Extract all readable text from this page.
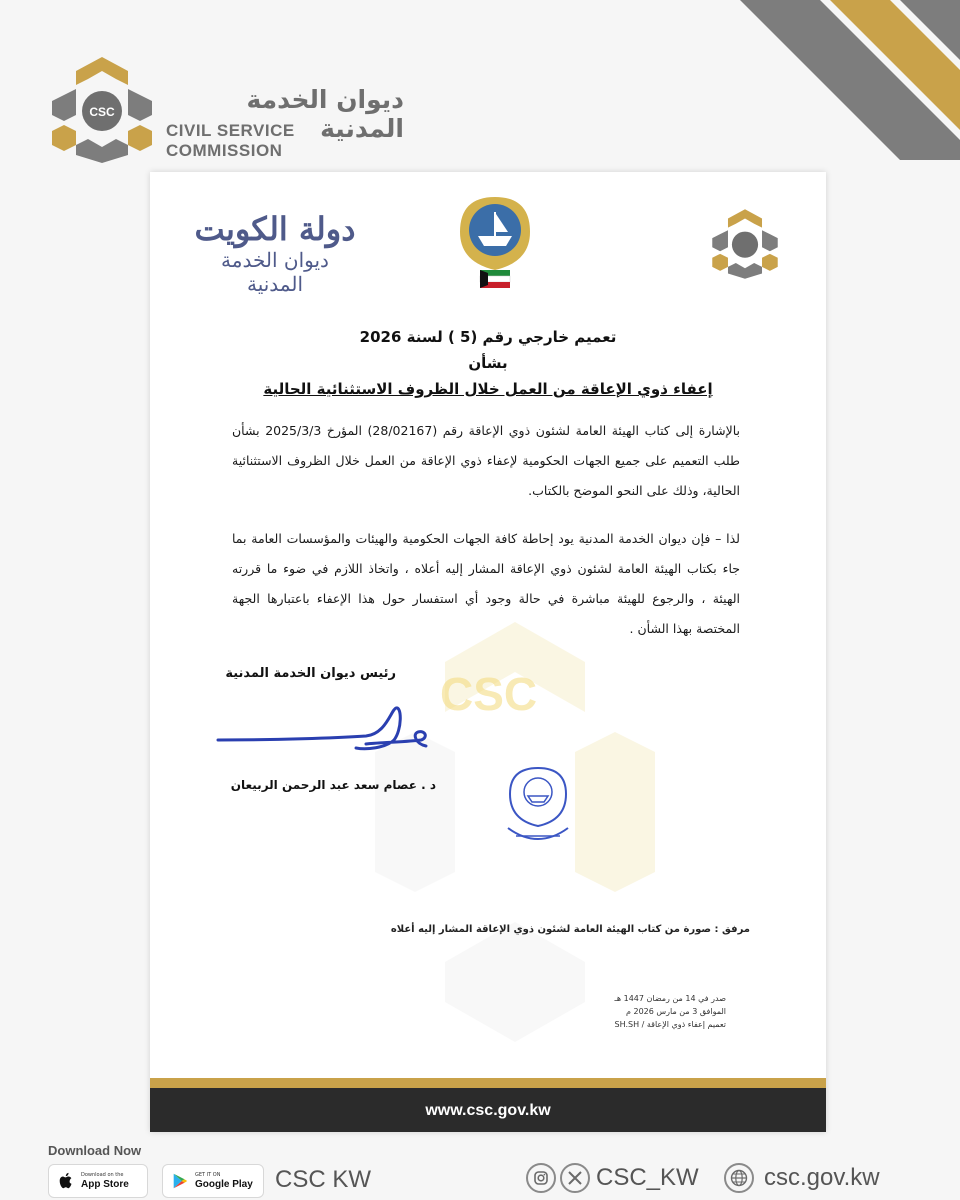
CSC	ديوان الخدمة المدنية
CIVIL SERVICE COMMISSION
CSC
دولة الكويت
ديوان الخدمة المدنية
تعميم خارجي رقم (5 ) لسنة 2026
بشأن
إعفاء ذوي الإعاقة من العمل خلال الظروف الاستثنائية الحالية
بالإشارة إلى كتاب الهيئة العامة لشئون ذوي الإعاقة رقم (28/02167) المؤرخ 2025/3/3 بشأن طلب التعميم على جميع الجهات الحكومية لإعفاء ذوي الإعاقة من العمل خلال الظروف الاستثنائية الحالية، وذلك على النحو الموضح بالكتاب.
لذا – فإن ديوان الخدمة المدنية يود إحاطة كافة الجهات الحكومية والهيئات والمؤسسات العامة بما جاء بكتاب الهيئة العامة لشئون ذوي الإعاقة المشار إليه أعلاه ، واتخاذ اللازم في ضوء ما قررته الهيئة ، والرجوع للهيئة مباشرة في حالة وجود أي استفسار حول هذا الإعفاء باعتبارها الجهة المختصة بهذا الشأن .
رئيس ديوان الخدمة المدنية
د . عصام سعد عبد الرحمن الربيعان
مرفق : صورة من كتاب الهيئة العامة لشئون ذوي الإعاقة المشار إليه أعلاه
صدر في 14 من رمضان 1447 هـ
الموافق 3 من مارس 2026 م
تعميم إعفاء ذوي الإعاقة / SH.SH
www.csc.gov.kw
Download Now
Download on the
App Store
GET IT ON
Google Play CSC KW	CSC_KW	csc.gov.kw
